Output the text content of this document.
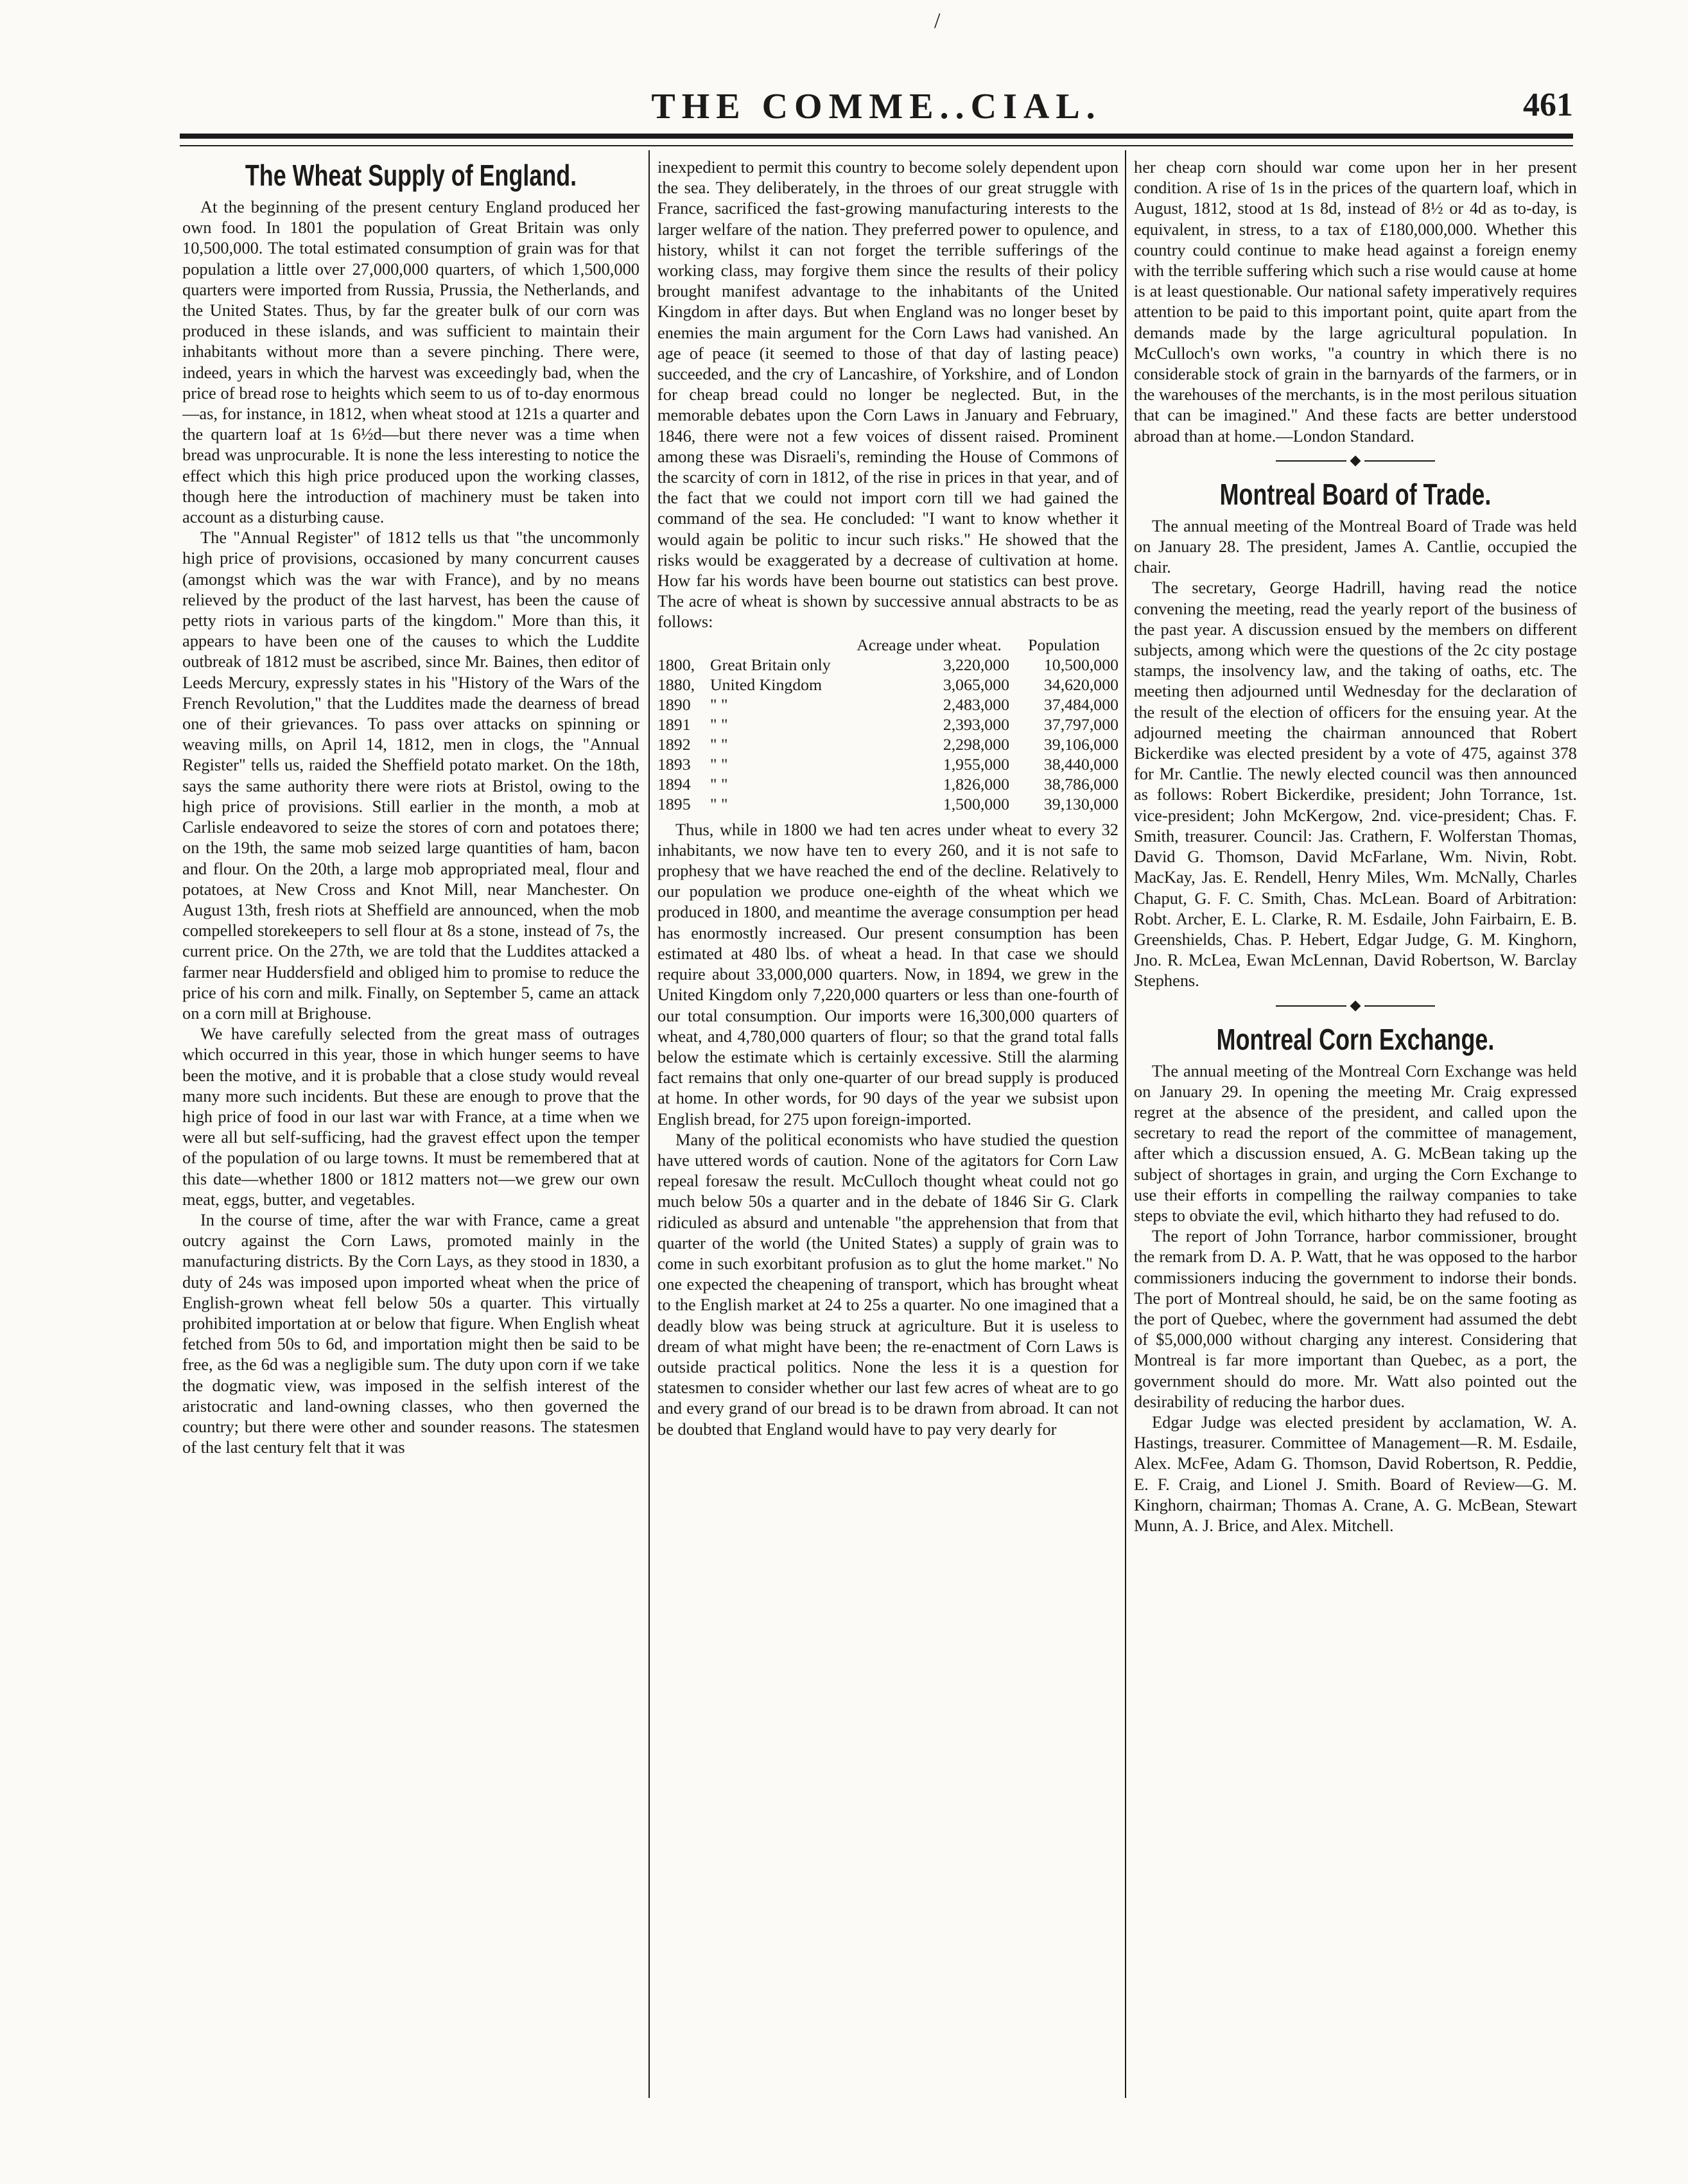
/
THE COMME..CIAL.	461
The Wheat Supply of England.

At the beginning of the present century England produced her own food. In 1801 the population of Great Britain was only 10,500,000. The total estimated consumption of grain was for that population a little over 27,000,000 quarters, of which 1,500,000 quarters were imported from Russia, Prussia, the Netherlands, and the United States. Thus, by far the greater bulk of our corn was produced in these islands, and was sufficient to maintain their inhabitants without more than a severe pinching. There were, indeed, years in which the harvest was exceedingly bad, when the price of bread rose to heights which seem to us of to-day enormous—as, for instance, in 1812, when wheat stood at 121s a quarter and the quartern loaf at 1s 6½d—but there never was a time when bread was unprocurable. It is none the less interesting to notice the effect which this high price produced upon the working classes, though here the introduction of machinery must be taken into account as a disturbing cause.

The "Annual Register" of 1812 tells us that "the uncommonly high price of provisions, occasioned by many concurrent causes (amongst which was the war with France), and by no means relieved by the product of the last harvest, has been the cause of petty riots in various parts of the kingdom." More than this, it appears to have been one of the causes to which the Luddite outbreak of 1812 must be ascribed, since Mr. Baines, then editor of Leeds Mercury, expressly states in his "History of the Wars of the French Revolution," that the Luddites made the dearness of bread one of their grievances. To pass over attacks on spinning or weaving mills, on April 14, 1812, men in clogs, the "Annual Register" tells us, raided the Sheffield potato market. On the 18th, says the same authority there were riots at Bristol, owing to the high price of provisions. Still earlier in the month, a mob at Carlisle endeavored to seize the stores of corn and potatoes there; on the 19th, the same mob seized large quantities of ham, bacon and flour. On the 20th, a large mob appropriated meal, flour and potatoes, at New Cross and Knot Mill, near Manchester. On August 13th, fresh riots at Sheffield are announced, when the mob compelled storekeepers to sell flour at 8s a stone, instead of 7s, the current price. On the 27th, we are told that the Luddites attacked a farmer near Huddersfield and obliged him to promise to reduce the price of his corn and milk. Finally, on September 5, came an attack on a corn mill at Brighouse.

We have carefully selected from the great mass of outrages which occurred in this year, those in which hunger seems to have been the motive, and it is probable that a close study would reveal many more such incidents. But these are enough to prove that the high price of food in our last war with France, at a time when we were all but self-sufficing, had the gravest effect upon the temper of the population of ou large towns. It must be remembered that at this date—whether 1800 or 1812 matters not—we grew our own meat, eggs, butter, and vegetables.

In the course of time, after the war with France, came a great outcry against the Corn Laws, promoted mainly in the manufacturing districts. By the Corn Lays, as they stood in 1830, a duty of 24s was imposed upon imported wheat when the price of English-grown wheat fell below 50s a quarter. This virtually prohibited importation at or below that figure. When English wheat fetched from 50s to 6d, and importation might then be said to be free, as the 6d was a negligible sum. The duty upon corn if we take the dogmatic view, was imposed in the selfish interest of the aristocratic and land-owning classes, who then governed the country; but there were other and sounder reasons. The statesmen of the last century felt that it was

inexpedient to permit this country to become solely dependent upon the sea. They deliberately, in the throes of our great struggle with France, sacrificed the fast-growing manufacturing interests to the larger welfare of the nation. They preferred power to opulence, and history, whilst it can not forget the terrible sufferings of the working class, may forgive them since the results of their policy brought manifest advantage to the inhabitants of the United Kingdom in after days. But when England was no longer beset by enemies the main argument for the Corn Laws had vanished. An age of peace (it seemed to those of that day of lasting peace) succeeded, and the cry of Lancashire, of Yorkshire, and of London for cheap bread could no longer be neglected. But, in the memorable debates upon the Corn Laws in January and February, 1846, there were not a few voices of dissent raised. Prominent among these was Disraeli's, reminding the House of Commons of the scarcity of corn in 1812, of the rise in prices in that year, and of the fact that we could not import corn till we had gained the command of the sea. He concluded: "I want to know whether it would again be politic to incur such risks." He showed that the risks would be exaggerated by a decrease of cultivation at home. How far his words have been bourne out statistics can best prove. The acre of wheat is shown by successive annual abstracts to be as follows:

Acreage under wheat.	Population
1800, Great Britain only	3,220,000	10,500,000
1880, United Kingdom	3,065,000	34,620,000
1890	" "	2,483,000	37,484,000
1891	" "	2,393,000	37,797,000
1892	" "	2,298,000	39,106,000
1893	" "	1,955,000	38,440,000
1894	" "	1,826,000	38,786,000
1895	" "	1,500,000	39,130,000

Thus, while in 1800 we had ten acres under wheat to every 32 inhabitants, we now have ten to every 260, and it is not safe to prophesy that we have reached the end of the decline. Relatively to our population we produce one-eighth of the wheat which we produced in 1800, and meantime the average consumption per head has enormostly increased. Our present consumption has been estimated at 480 lbs. of wheat a head. In that case we should require about 33,000,000 quarters. Now, in 1894, we grew in the United Kingdom only 7,220,000 quarters or less than one-fourth of our total consumption. Our imports were 16,300,000 quarters of wheat, and 4,780,000 quarters of flour; so that the grand total falls below the estimate which is certainly excessive. Still the alarming fact remains that only one-quarter of our bread supply is produced at home. In other words, for 90 days of the year we subsist upon English bread, for 275 upon foreign-imported.

Many of the political economists who have studied the question have uttered words of caution. None of the agitators for Corn Law repeal foresaw the result. McCulloch thought wheat could not go much below 50s a quarter and in the debate of 1846 Sir G. Clark ridiculed as absurd and untenable "the apprehension that from that quarter of the world (the United States) a supply of grain was to come in such exorbitant profusion as to glut the home market." No one expected the cheapening of transport, which has brought wheat to the English market at 24 to 25s a quarter. No one imagined that a deadly blow was being struck at agriculture. But it is useless to dream of what might have been; the re-enactment of Corn Laws is outside practical politics. None the less it is a question for statesmen to consider whether our last few acres of wheat are to go and every grand of our bread is to be drawn from abroad. It can not be doubted that England would have to pay very dearly for

her cheap corn should war come upon her in her present condition. A rise of 1s in the prices of the quartern loaf, which in August, 1812, stood at 1s 8d, instead of 8½ or 4d as to-day, is equivalent, in stress, to a tax of £180,000,000. Whether this country could continue to make head against a foreign enemy with the terrible suffering which such a rise would cause at home is at least questionable. Our national safety imperatively requires attention to be paid to this important point, quite apart from the demands made by the large agricultural population. In McCulloch's own works, "a country in which there is no considerable stock of grain in the barnyards of the farmers, or in the warehouses of the merchants, is in the most perilous situation that can be imagined." And these facts are better understood abroad than at home.—London Standard.

Montreal Board of Trade.

The annual meeting of the Montreal Board of Trade was held on January 28. The president, James A. Cantlie, occupied the chair.

The secretary, George Hadrill, having read the notice convening the meeting, read the yearly report of the business of the past year. A discussion ensued by the members on different subjects, among which were the questions of the 2c city postage stamps, the insolvency law, and the taking of oaths, etc. The meeting then adjourned until Wednesday for the declaration of the result of the election of officers for the ensuing year. At the adjourned meeting the chairman announced that Robert Bickerdike was elected president by a vote of 475, against 378 for Mr. Cantlie. The newly elected council was then announced as follows: Robert Bickerdike, president; John Torrance, 1st. vice-president; John McKergow, 2nd. vice-president; Chas. F. Smith, treasurer. Council: Jas. Crathern, F. Wolferstan Thomas, David G. Thomson, David McFarlane, Wm. Nivin, Robt. MacKay, Jas. E. Rendell, Henry Miles, Wm. McNally, Charles Chaput, G. F. C. Smith, Chas. McLean. Board of Arbitration: Robt. Archer, E. L. Clarke, R. M. Esdaile, John Fairbairn, E. B. Greenshields, Chas. P. Hebert, Edgar Judge, G. M. Kinghorn, Jno. R. McLea, Ewan McLennan, David Robertson, W. Barclay Stephens.

Montreal Corn Exchange.

The annual meeting of the Montreal Corn Exchange was held on January 29. In opening the meeting Mr. Craig expressed regret at the absence of the president, and called upon the secretary to read the report of the committee of management, after which a discussion ensued, A. G. McBean taking up the subject of shortages in grain, and urging the Corn Exchange to use their efforts in compelling the railway companies to take steps to obviate the evil, which hitharto they had refused to do.

The report of John Torrance, harbor commissioner, brought the remark from D. A. P. Watt, that he was opposed to the harbor commissioners inducing the government to indorse their bonds. The port of Montreal should, he said, be on the same footing as the port of Quebec, where the government had assumed the debt of $5,000,000 without charging any interest. Considering that Montreal is far more important than Quebec, as a port, the government should do more. Mr. Watt also pointed out the desirability of reducing the harbor dues.

Edgar Judge was elected president by acclamation, W. A. Hastings, treasurer. Committee of Management—R. M. Esdaile, Alex. McFee, Adam G. Thomson, David Robertson, R. Peddie, E. F. Craig, and Lionel J. Smith. Board of Review—G. M. Kinghorn, chairman; Thomas A. Crane, A. G. McBean, Stewart Munn, A. J. Brice, and Alex. Mitchell.
